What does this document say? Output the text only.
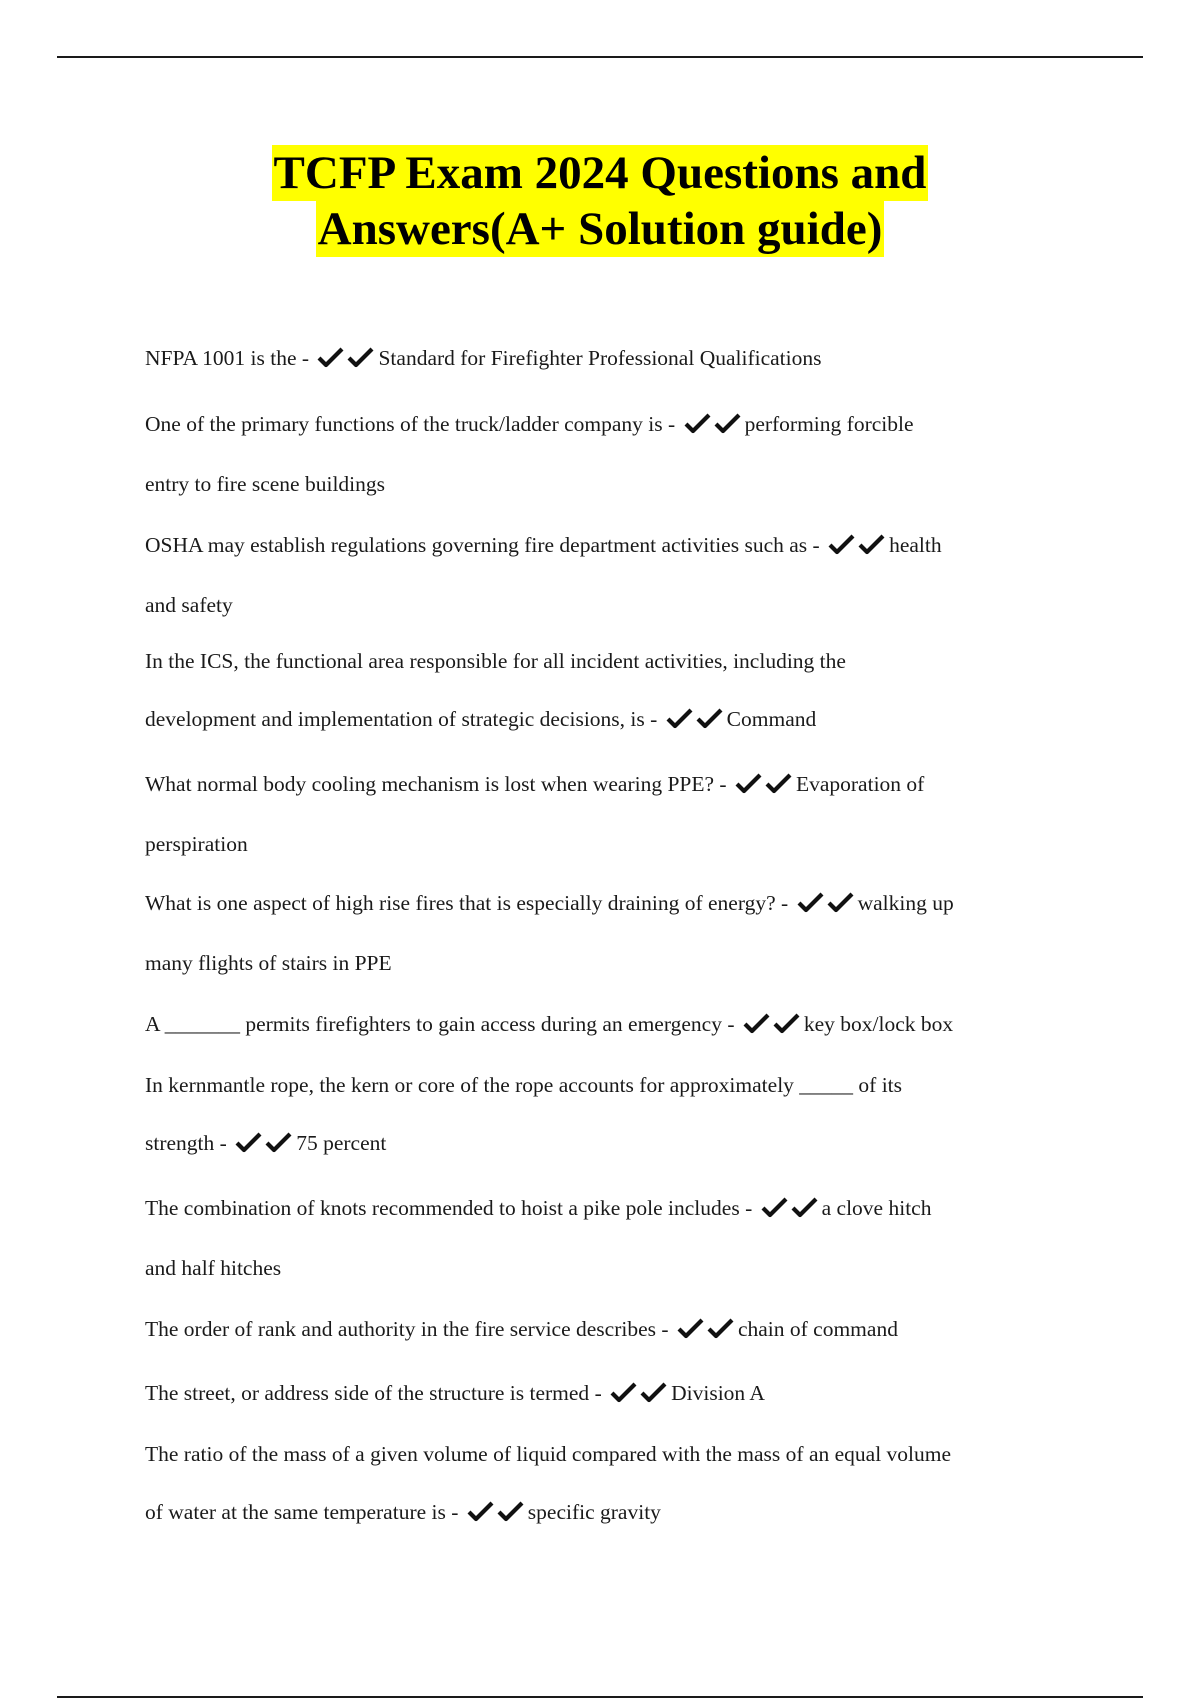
TCFP Exam 2024 Questions and
Answers(A+ Solution guide)
NFPA 1001 is the -	Standard for Firefighter Professional Qualifications
One of the primary functions of the truck/ladder company is -	performing forcible
entry to fire scene buildings
OSHA may establish regulations governing fire department activities such as -	health
and safety
In the ICS, the functional area responsible for all incident activities, including the
development and implementation of strategic decisions, is -	Command
What normal body cooling mechanism is lost when wearing PPE? -	Evaporation of
perspiration
What is one aspect of high rise fires that is especially draining of energy? -	walking up
many flights of stairs in PPE
A _______ permits firefighters to gain access during an emergency -	key box/lock box
In kernmantle rope, the kern or core of the rope accounts for approximately _____ of its
strength -	75 percent
The combination of knots recommended to hoist a pike pole includes -	a clove hitch
and half hitches
The order of rank and authority in the fire service describes -	chain of command
The street, or address side of the structure is termed -	Division A
The ratio of the mass of a given volume of liquid compared with the mass of an equal volume
of water at the same temperature is -	specific gravity
